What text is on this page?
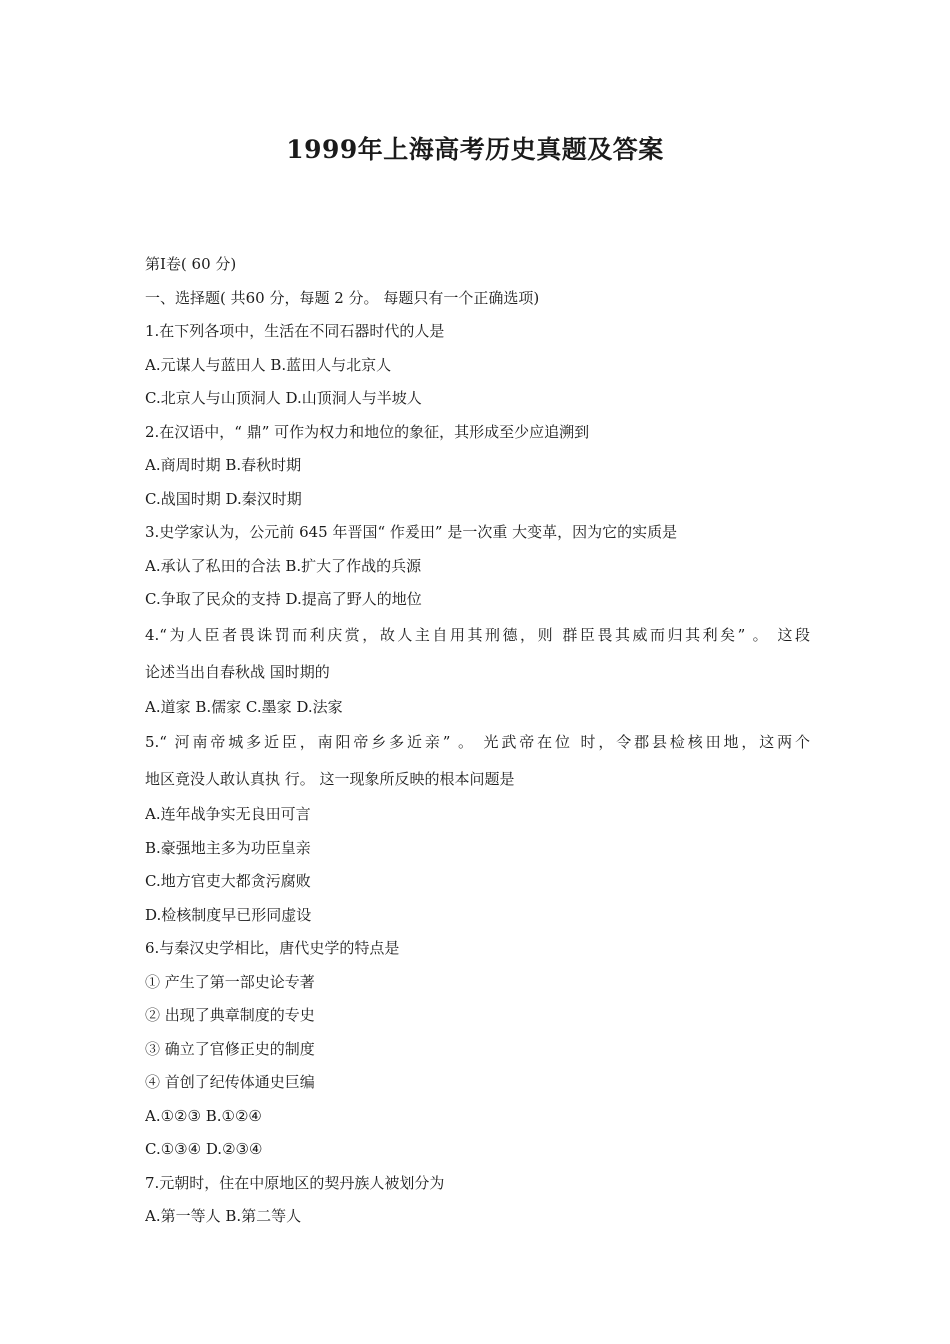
1999年上海高考历史真题及答案
第Ⅰ卷( 60 分)
一、选择题( 共60 分，每题 2 分。 每题只有一个正确选项)
1.在下列各项中，生活在不同石器时代的人是
A.元谋人与蓝田人 B.蓝田人与北京人
C.北京人与山顶洞人 D.山顶洞人与半坡人
2.在汉语中，“ 鼎” 可作为权力和地位的象征，其形成至少应追溯到
A.商周时期 B.春秋时期
C.战国时期 D.秦汉时期
3.史学家认为，公元前 645 年晋国“ 作爰田” 是一次重 大变革，因为它的实质是
A.承认了私田的合法 B.扩大了作战的兵源
C.争取了民众的支持 D.提高了野人的地位
4.“为人臣者畏诛罚而利庆赏，故人主自用其刑德，则 群臣畏其威而归其利矣” 。 这段
论述当出自春秋战 国时期的
A.道家 B.儒家 C.墨家 D.法家
5.“ 河南帝城多近臣，南阳帝乡多近亲” 。 光武帝在位 时，令郡县检核田地，这两个
地区竟没人敢认真执 行。 这一现象所反映的根本问题是
A.连年战争实无良田可言
B.豪强地主多为功臣皇亲
C.地方官吏大都贪污腐败
D.检核制度早已形同虚设
6.与秦汉史学相比，唐代史学的特点是
① 产生了第一部史论专著
② 出现了典章制度的专史
③ 确立了官修正史的制度
④ 首创了纪传体通史巨编
A.①②③ B.①②④
C.①③④ D.②③④
7.元朝时，住在中原地区的契丹族人被划分为
A.第一等人 B.第二等人
